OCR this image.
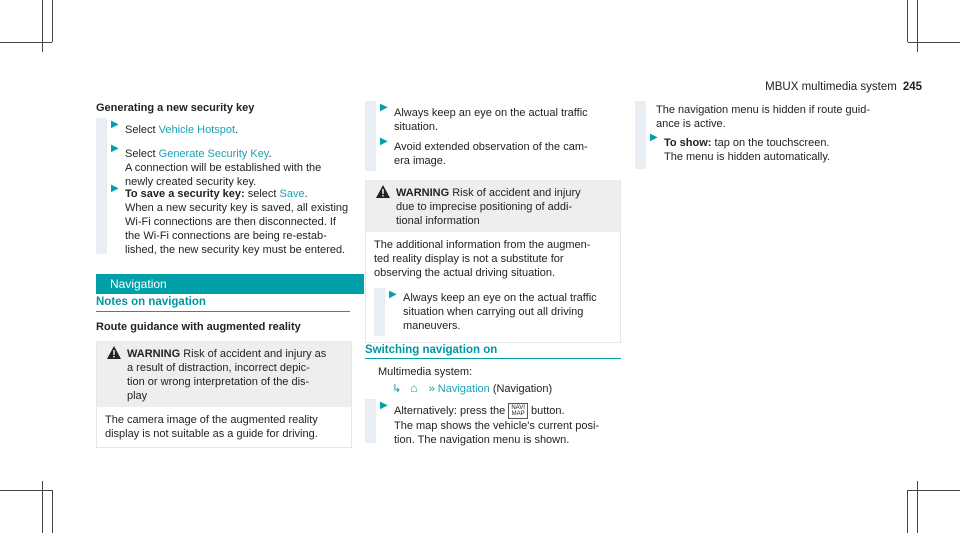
MBUX multimedia system 245
Generating a new security key
▶ Select Vehicle Hotspot.
▶ Select Generate Security Key.
A connection will be established with the
newly created security key.
▶ To save a security key: select Save.
When a new security key is saved, all existing
Wi-Fi connections are then disconnected. If
the Wi-Fi connections are being re-estab-
lished, the new security key must be entered.
Navigation
Notes on navigation
Route guidance with augmented reality
WARNING Risk of accident and injury as
a result of distraction, incorrect depic-
tion or wrong interpretation of the dis-
play
The camera image of the augmented reality
display is not suitable as a guide for driving.
▶ Always keep an eye on the actual traffic
situation.
▶ Avoid extended observation of the cam-
era image.
WARNING Risk of accident and injury
due to imprecise positioning of addi-
tional information
The additional information from the augmen-
ted reality display is not a substitute for
observing the actual driving situation.
▶ Always keep an eye on the actual traffic
situation when carrying out all driving
maneuvers.
Switching navigation on
Multimedia system:
↳ ⌂ » Navigation (Navigation)
▶ Alternatively: press the NAVI
MAP button.
The map shows the vehicle's current posi-
tion. The navigation menu is shown.
The navigation menu is hidden if route guid-
ance is active.
▶ To show: tap on the touchscreen.
The menu is hidden automatically.
